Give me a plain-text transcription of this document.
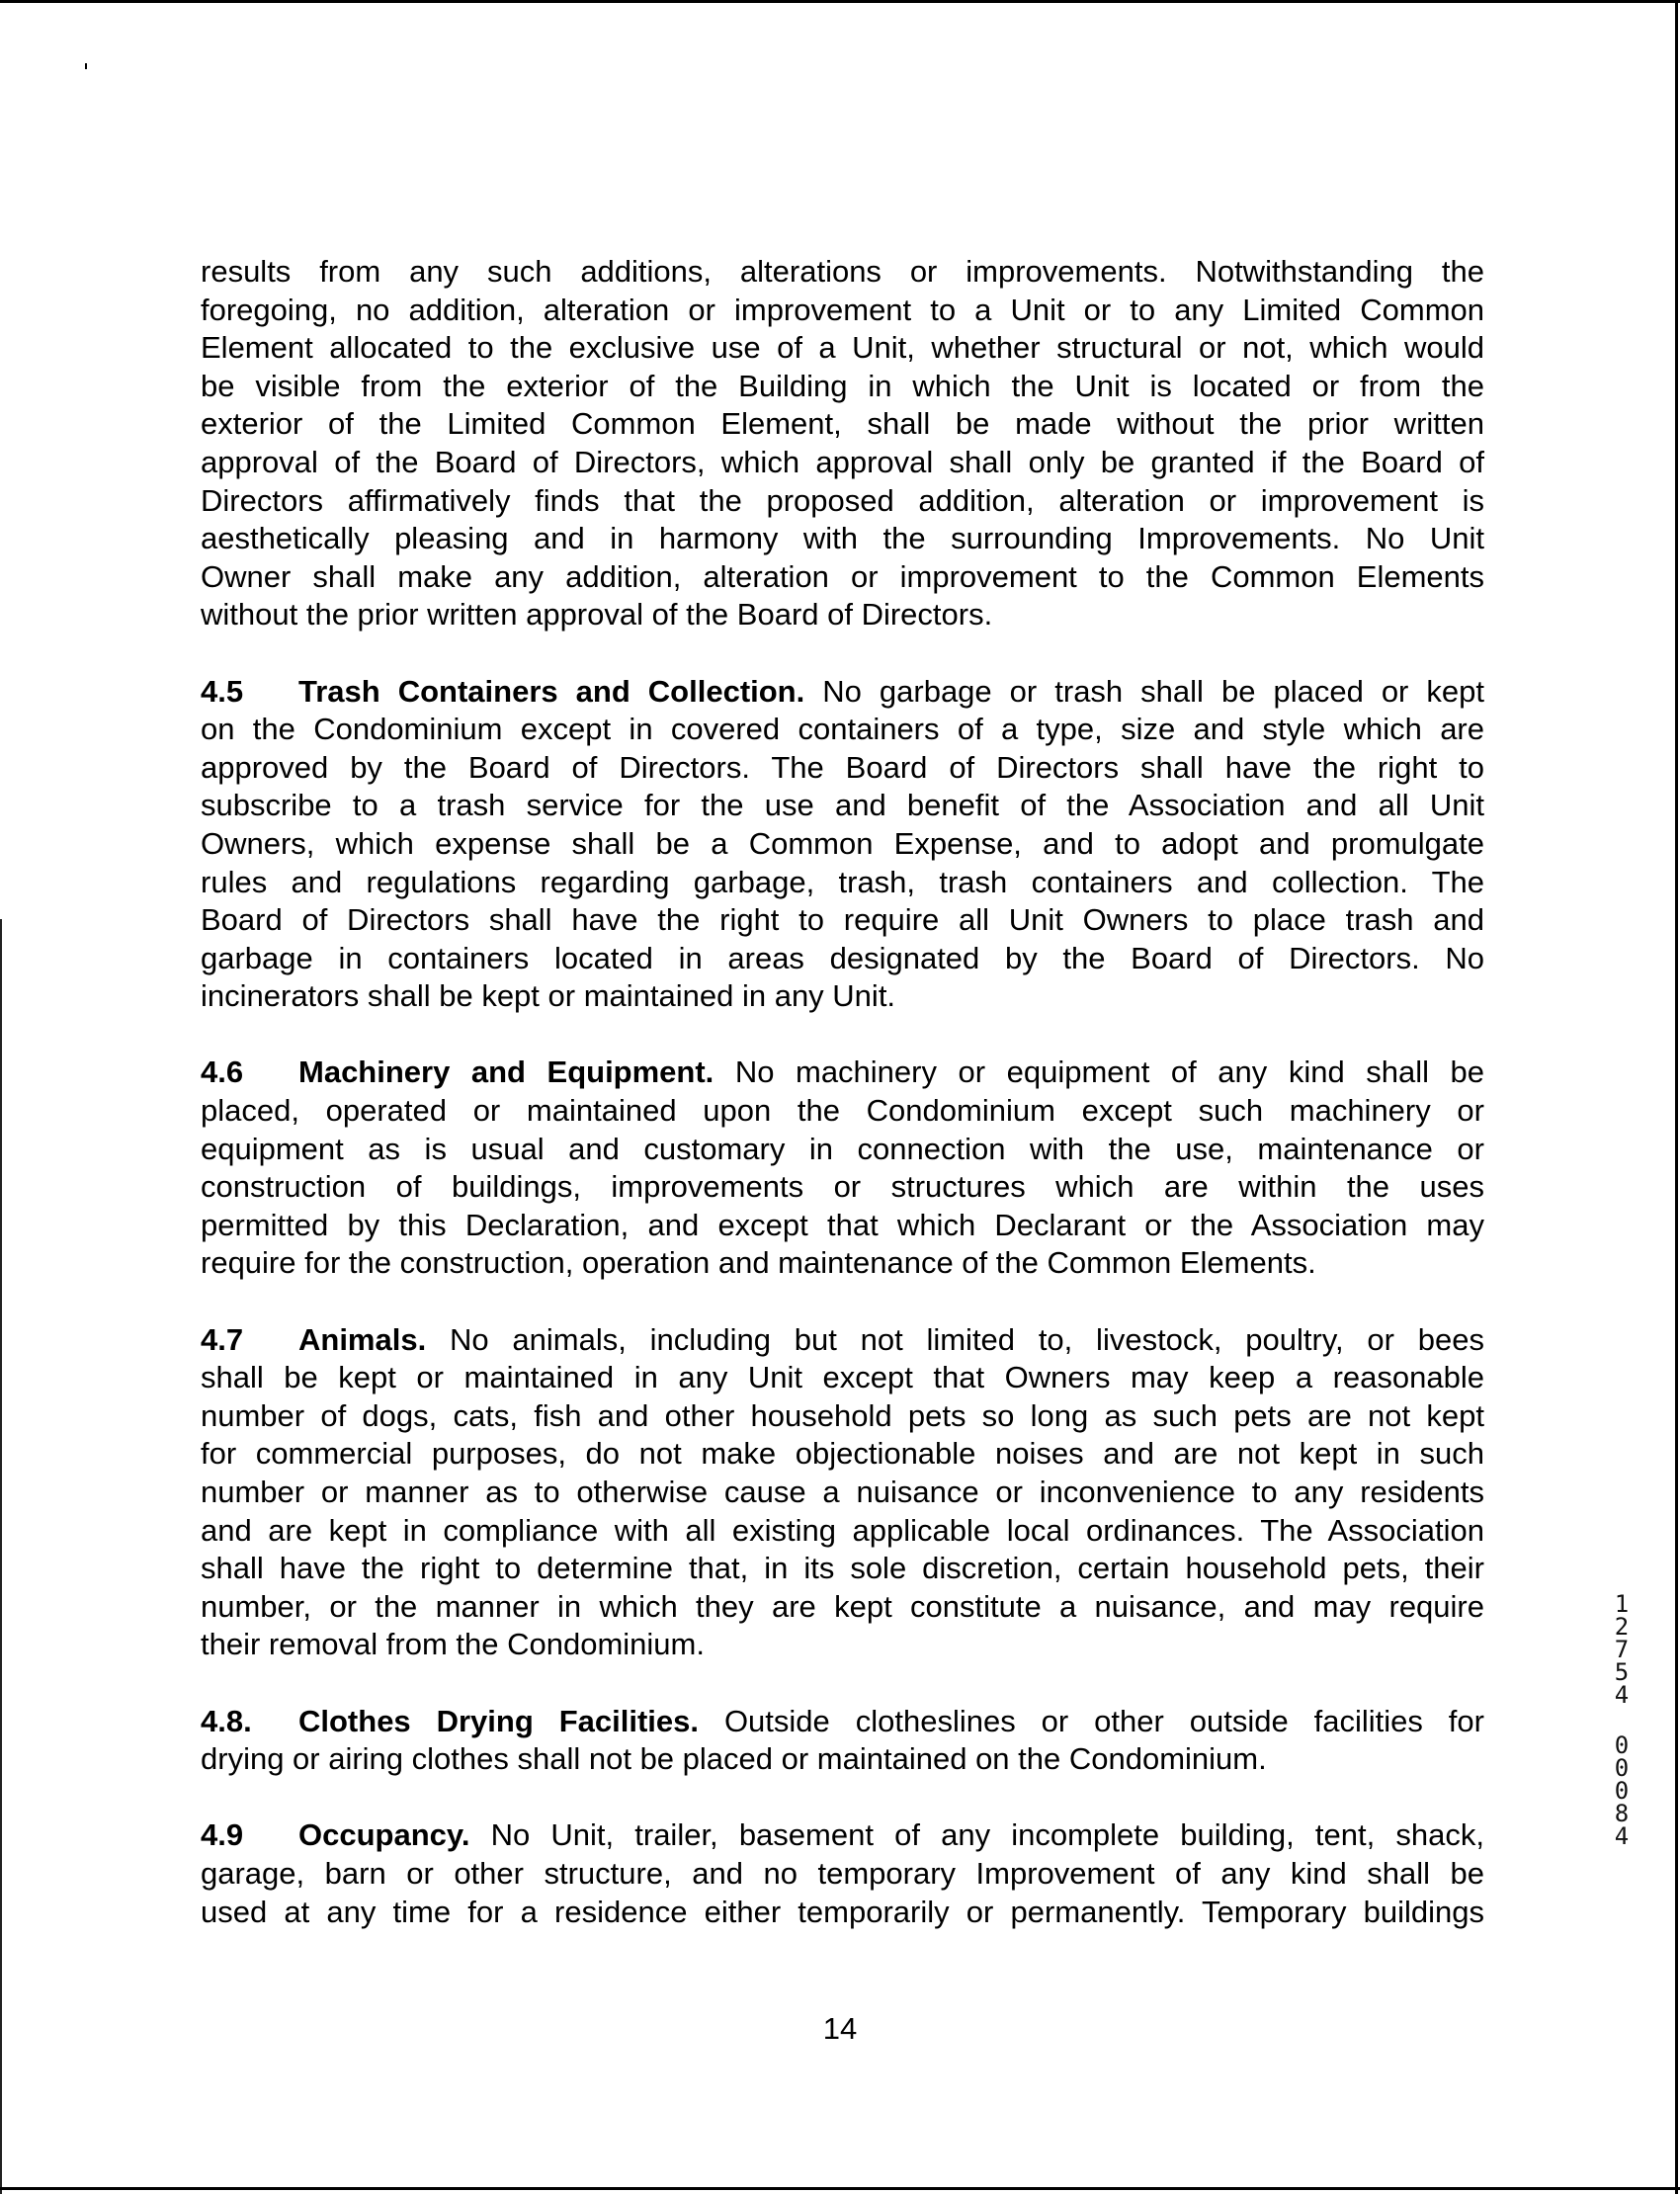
results from any such additions, alterations or improvements. Notwithstanding the
foregoing, no addition, alteration or improvement to a Unit or to any Limited Common
Element allocated to the exclusive use of a Unit, whether structural or not, which would
be visible from the exterior of the Building in which the Unit is located or from the
exterior of the Limited Common Element, shall be made without the prior written
approval of the Board of Directors, which approval shall only be granted if the Board of
Directors affirmatively finds that the proposed addition, alteration or improvement is
aesthetically pleasing and in harmony with the surrounding Improvements. No Unit
Owner shall make any addition, alteration or improvement to the Common Elements
without the prior written approval of the Board of Directors.
4.5 Trash Containers and Collection. No garbage or trash shall be placed or kept
on the Condominium except in covered containers of a type, size and style which are
approved by the Board of Directors. The Board of Directors shall have the right to
subscribe to a trash service for the use and benefit of the Association and all Unit
Owners, which expense shall be a Common Expense, and to adopt and promulgate
rules and regulations regarding garbage, trash, trash containers and collection. The
Board of Directors shall have the right to require all Unit Owners to place trash and
garbage in containers located in areas designated by the Board of Directors. No
incinerators shall be kept or maintained in any Unit.
4.6 Machinery and Equipment. No machinery or equipment of any kind shall be
placed, operated or maintained upon the Condominium except such machinery or
equipment as is usual and customary in connection with the use, maintenance or
construction of buildings, improvements or structures which are within the uses
permitted by this Declaration, and except that which Declarant or the Association may
require for the construction, operation and maintenance of the Common Elements.
4.7 Animals. No animals, including but not limited to, livestock, poultry, or bees
shall be kept or maintained in any Unit except that Owners may keep a reasonable
number of dogs, cats, fish and other household pets so long as such pets are not kept
for commercial purposes, do not make objectionable noises and are not kept in such
number or manner as to otherwise cause a nuisance or inconvenience to any residents
and are kept in compliance with all existing applicable local ordinances. The Association
shall have the right to determine that, in its sole discretion, certain household pets, their
number, or the manner in which they are kept constitute a nuisance, and may require
their removal from the Condominium.
4.8. Clothes Drying Facilities. Outside clotheslines or other outside facilities for
drying or airing clothes shall not be placed or maintained on the Condominium.
4.9 Occupancy. No Unit, trailer, basement of any incomplete building, tent, shack,
garage, barn or other structure, and no temporary Improvement of any kind shall be
used at any time for a residence either temporarily or permanently. Temporary buildings
14
1
2
7
5
4
0
0
0
8
4
